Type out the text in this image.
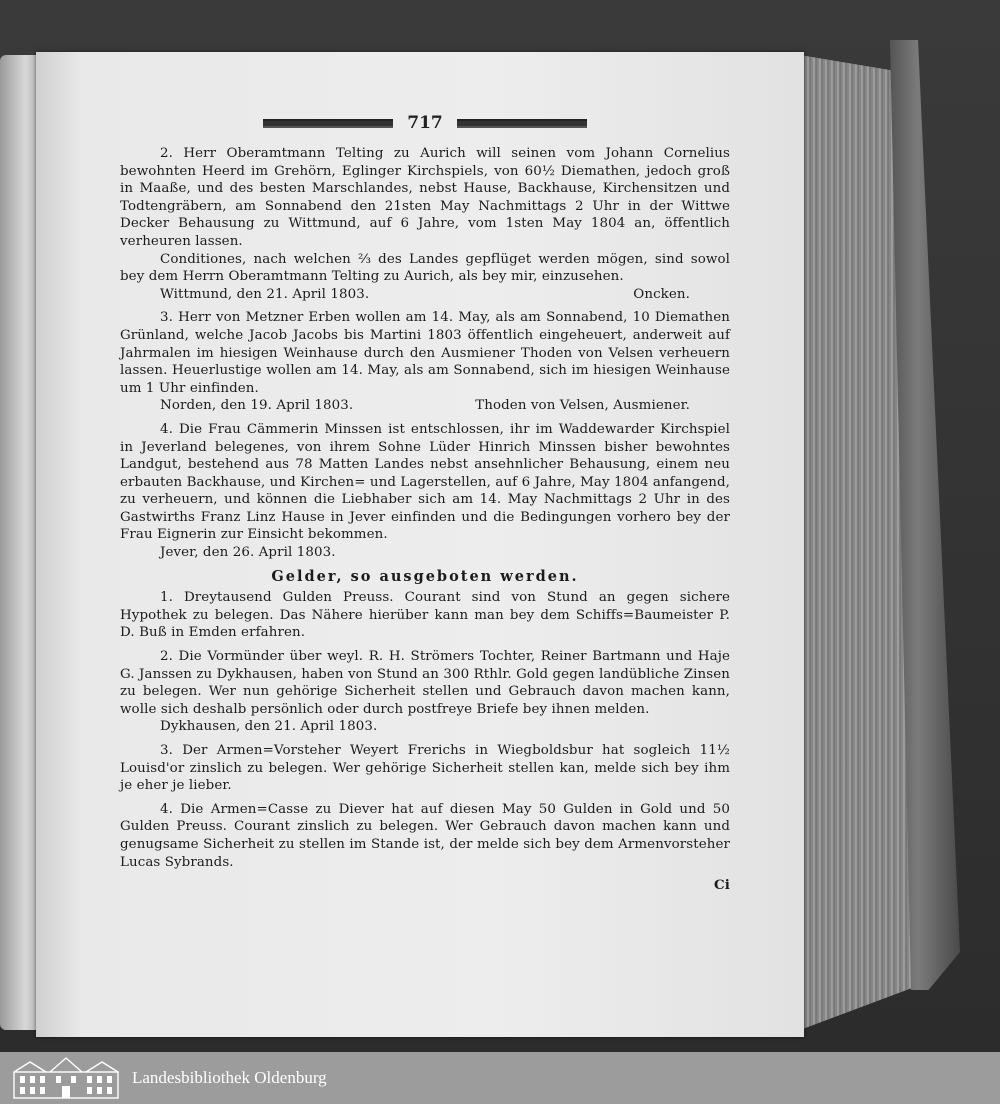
717

2. Herr Oberamtmann Telting zu Aurich will seinen vom Johann Cornelius bewohnten Heerd im Grehörn, Eglinger Kirchspiels, von 60½ Diemathen, jedoch groß in Maaße, und des besten Marschlandes, nebst Hause, Backhause, Kirchensitzen und Todtengräbern, am Sonnabend den 21sten May Nachmittags 2 Uhr in der Wittwe Decker Behausung zu Wittmund, auf 6 Jahre, vom 1sten May 1804 an, öffentlich verheuren lassen.

Conditiones, nach welchen ⅔ des Landes gepflüget werden mögen, sind sowol bey dem Herrn Oberamtmann Telting zu Aurich, als bey mir, einzusehen.

Wittmund, den 21. April 1803.	Oncken.

3. Herr von Metzner Erben wollen am 14. May, als am Sonnabend, 10 Diemathen Grünland, welche Jacob Jacobs bis Martini 1803 öffentlich eingeheuert, anderweit auf Jahrmalen im hiesigen Weinhause durch den Ausmiener Thoden von Velsen verheuern lassen. Heuerlustige wollen am 14. May, als am Sonnabend, sich im hiesigen Weinhause um 1 Uhr einfinden.

Norden, den 19. April 1803.	Thoden von Velsen, Ausmiener.

4. Die Frau Cämmerin Minssen ist entschlossen, ihr im Waddewarder Kirchspiel in Jeverland belegenes, von ihrem Sohne Lüder Hinrich Minssen bisher bewohntes Landgut, bestehend aus 78 Matten Landes nebst ansehnlicher Behausung, einem neu erbauten Backhause, und Kirchen= und Lagerstellen, auf 6 Jahre, May 1804 anfangend, zu verheuern, und können die Liebhaber sich am 14. May Nachmittags 2 Uhr in des Gastwirths Franz Linz Hause in Jever einfinden und die Bedingungen vorhero bey der Frau Eignerin zur Einsicht bekommen.

Jever, den 26. April 1803.
Gelder, so ausgeboten werden.

1. Dreytausend Gulden Preuss. Courant sind von Stund an gegen sichere Hypothek zu belegen. Das Nähere hierüber kann man bey dem Schiffs=Baumeister P. D. Buß in Emden erfahren.

2. Die Vormünder über weyl. R. H. Strömers Tochter, Reiner Bartmann und Haje G. Janssen zu Dykhausen, haben von Stund an 300 Rthlr. Gold gegen landübliche Zinsen zu belegen. Wer nun gehörige Sicherheit stellen und Gebrauch davon machen kann, wolle sich deshalb persönlich oder durch postfreye Briefe bey ihnen melden.

Dykhausen, den 21. April 1803.

3. Der Armen=Vorsteher Weyert Frerichs in Wiegboldsbur hat sogleich 11½ Louisd'or zinslich zu belegen. Wer gehörige Sicherheit stellen kan, melde sich bey ihm je eher je lieber.

4. Die Armen=Casse zu Diever hat auf diesen May 50 Gulden in Gold und 50 Gulden Preuss. Courant zinslich zu belegen. Wer Gebrauch davon machen kann und genugsame Sicherheit zu stellen im Stande ist, der melde sich bey dem Armenvorsteher Lucas Sybrands.

Ci
Landesbibliothek Oldenburg
